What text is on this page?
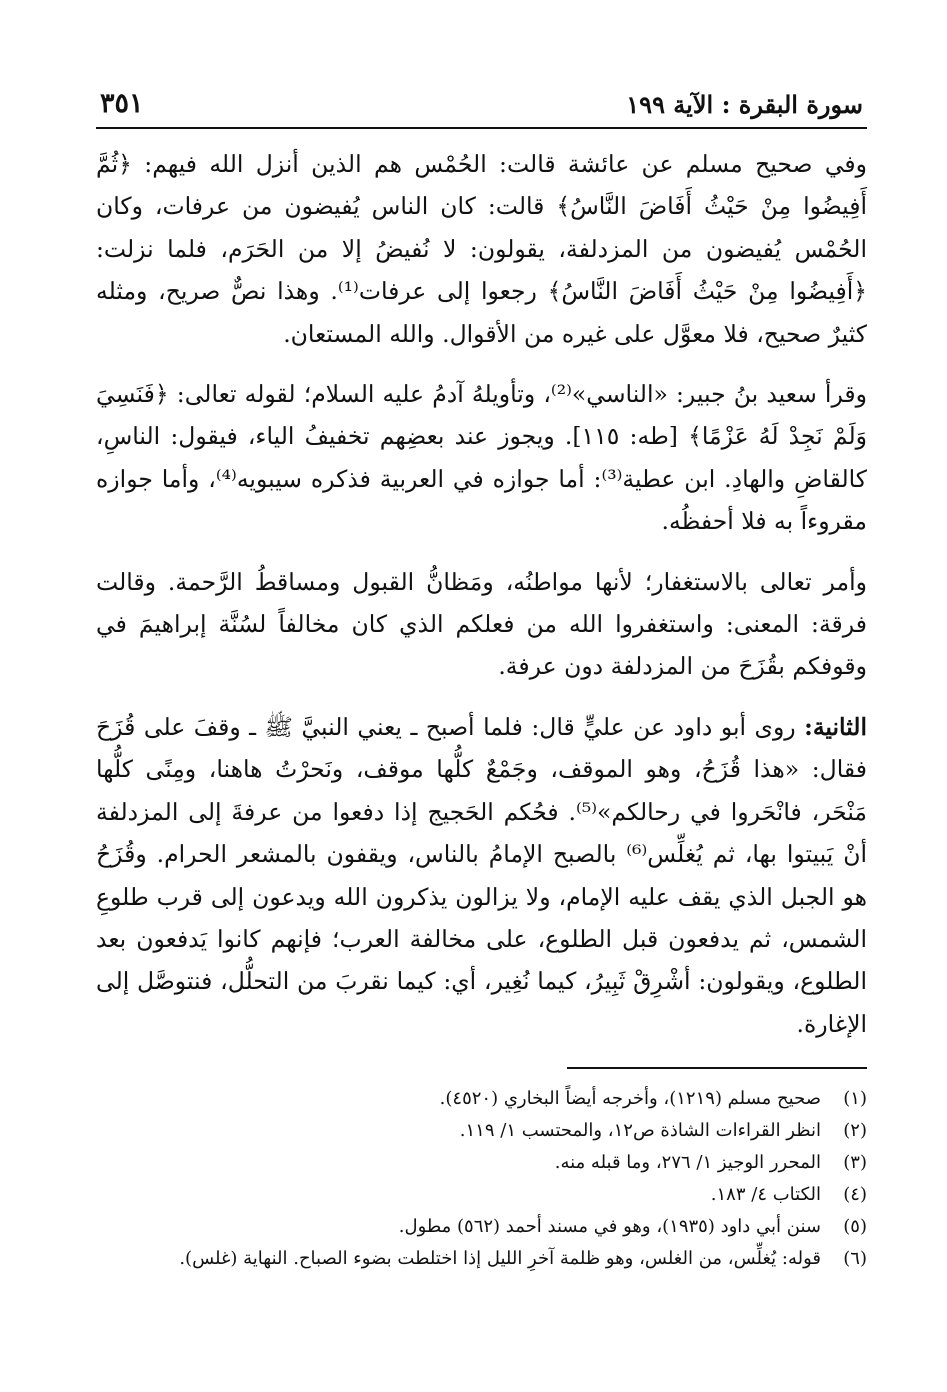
سورة البقرة : الآية ١٩٩
٣٥١

وفي صحيح مسلم عن عائشة قالت: الحُمْس هم الذين أنزل الله فيهم: ﴿ثُمَّ أَفِيضُوا مِنْ حَيْثُ أَفَاضَ النَّاسُ﴾ قالت: كان الناس يُفيضون من عرفات، وكان الحُمْس يُفيضون من المزدلفة، يقولون: لا نُفيضُ إلا من الحَرَم، فلما نزلت: ﴿أَفِيضُوا مِنْ حَيْثُ أَفَاضَ النَّاسُ﴾ رجعوا إلى عرفات⁽¹⁾. وهذا نصٌّ صريح، ومثله كثيرٌ صحيح، فلا معوَّل على غيره من الأقوال. والله المستعان.

وقرأ سعيد بنُ جبير: «الناسي»⁽²⁾، وتأويلهُ آدمُ عليه السلام؛ لقوله تعالى: ﴿فَنَسِيَ وَلَمْ نَجِدْ لَهُ عَزْمًا﴾ [طه: ١١٥]. ويجوز عند بعضِهم تخفيفُ الياء، فيقول: الناسِ، كالقاضِ والهادِ. ابن عطية⁽³⁾: أما جوازه في العربية فذكره سيبويه⁽⁴⁾، وأما جوازه مقروءاً به فلا أحفظُه.

وأمر تعالى بالاستغفار؛ لأنها مواطنُه، ومَظانُّ القبول ومساقطُ الرَّحمة. وقالت فرقة: المعنى: واستغفروا الله من فعلكم الذي كان مخالفاً لسُنَّة إبراهيمَ في وقوفكم بقُزَحَ من المزدلفة دون عرفة.

الثانية: روى أبو داود عن عليٍّ قال: فلما أصبح ـ يعني النبيَّ ﷺ ـ وقفَ على قُزَحَ فقال: «هذا قُزَحُ، وهو الموقف، وجَمْعٌ كلُّها موقف، ونَحرْتُ هاهنا، ومِنًى كلُّها مَنْحَر، فانْحَروا في رحالكم»⁽⁵⁾. فحُكم الحَجيج إذا دفعوا من عرفةَ إلى المزدلفة أنْ يَبيتوا بها، ثم يُغلِّس⁽⁶⁾ بالصبح الإمامُ بالناس، ويقفون بالمشعر الحرام. وقُزَحُ هو الجبل الذي يقف عليه الإمام، ولا يزالون يذكرون الله ويدعون إلى قرب طلوعِ الشمس، ثم يدفعون قبل الطلوع، على مخالفة العرب؛ فإنهم كانوا يَدفعون بعد الطلوع، ويقولون: أشْرِقْ ثَبِيرُ، كيما نُغِير، أي: كيما نقربَ من التحلُّل، فنتوصَّل إلى الإغارة.

(١)
صحيح مسلم (١٢١٩)، وأخرجه أيضاً البخاري (٤٥٢٠).
(٢)
انظر القراءات الشاذة ص١٢، والمحتسب ١/ ١١٩.
(٣)
المحرر الوجيز ١/ ٢٧٦، وما قبله منه.
(٤)
الكتاب ٤/ ١٨٣.
(٥)
سنن أبي داود (١٩٣٥)، وهو في مسند أحمد (٥٦٢) مطول.
(٦)
قوله: يُغلِّس، من الغلس، وهو ظلمة آخرِ الليل إذا اختلطت بضوء الصباح. النهاية (غلس).
